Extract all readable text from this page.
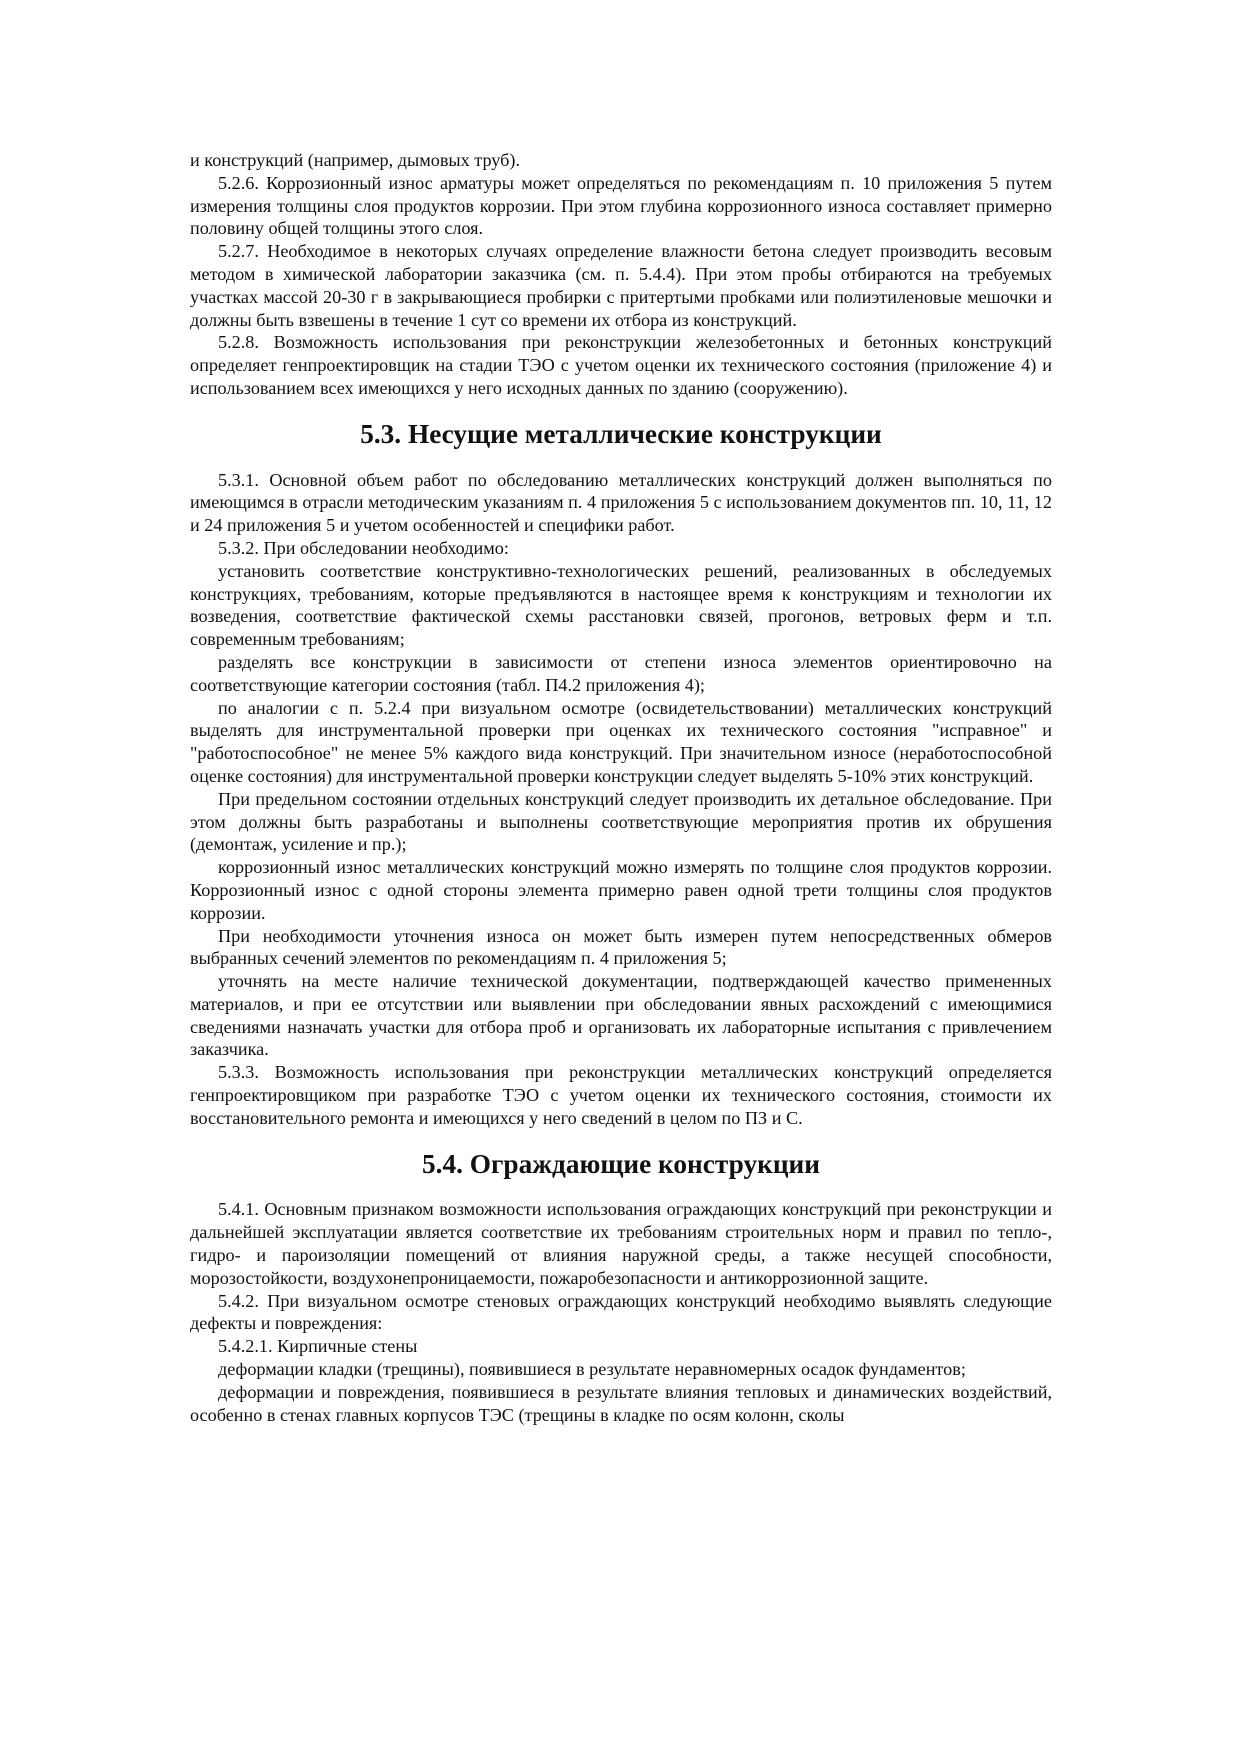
и конструкций (например, дымовых труб).

5.2.6. Коррозионный износ арматуры может определяться по рекомендациям п. 10 приложения 5 путем измерения толщины слоя продуктов коррозии. При этом глубина коррозионного износа составляет примерно половину общей толщины этого слоя.

5.2.7. Необходимое в некоторых случаях определение влажности бетона следует производить весовым методом в химической лаборатории заказчика (см. п. 5.4.4). При этом пробы отбираются на требуемых участках массой 20-30 г в закрывающиеся пробирки с притертыми пробками или полиэтиленовые мешочки и должны быть взвешены в течение 1 сут со времени их отбора из конструкций.

5.2.8. Возможность использования при реконструкции железобетонных и бетонных конструкций определяет генпроектировщик на стадии ТЭО с учетом оценки их технического состояния (приложение 4) и использованием всех имеющихся у него исходных данных по зданию (сооружению).

5.3. Несущие металлические конструкции

5.3.1. Основной объем работ по обследованию металлических конструкций должен выполняться по имеющимся в отрасли методическим указаниям п. 4 приложения 5 с использованием документов пп. 10, 11, 12 и 24 приложения 5 и учетом особенностей и специфики работ.

5.3.2. При обследовании необходимо:

установить соответствие конструктивно-технологических решений, реализованных в обследуемых конструкциях, требованиям, которые предъявляются в настоящее время к конструкциям и технологии их возведения, соответствие фактической схемы расстановки связей, прогонов, ветровых ферм и т.п. современным требованиям;

разделять все конструкции в зависимости от степени износа элементов ориентировочно на соответствующие категории состояния (табл. П4.2 приложения 4);

по аналогии с п. 5.2.4 при визуальном осмотре (освидетельствовании) металлических конструкций выделять для инструментальной проверки при оценках их технического состояния "исправное" и "работоспособное" не менее 5% каждого вида конструкций. При значительном износе (неработоспособной оценке состояния) для инструментальной проверки конструкции следует выделять 5-10% этих конструкций.

При предельном состоянии отдельных конструкций следует производить их детальное обследование. При этом должны быть разработаны и выполнены соответствующие мероприятия против их обрушения (демонтаж, усиление и пр.);

коррозионный износ металлических конструкций можно измерять по толщине слоя продуктов коррозии. Коррозионный износ с одной стороны элемента примерно равен одной трети толщины слоя продуктов коррозии.

При необходимости уточнения износа он может быть измерен путем непосредственных обмеров выбранных сечений элементов по рекомендациям п. 4 приложения 5;

уточнять на месте наличие технической документации, подтверждающей качество примененных материалов, и при ее отсутствии или выявлении при обследовании явных расхождений с имеющимися сведениями назначать участки для отбора проб и организовать их лабораторные испытания с привлечением заказчика.

5.3.3. Возможность использования при реконструкции металлических конструкций определяется генпроектировщиком при разработке ТЭО с учетом оценки их технического состояния, стоимости их восстановительного ремонта и имеющихся у него сведений в целом по ПЗ и С.

5.4. Ограждающие конструкции

5.4.1. Основным признаком возможности использования ограждающих конструкций при реконструкции и дальнейшей эксплуатации является соответствие их требованиям строительных норм и правил по тепло-, гидро- и пароизоляции помещений от влияния наружной среды, а также несущей способности, морозостойкости, воздухонепроницаемости, пожаробезопасности и антикоррозионной защите.

5.4.2. При визуальном осмотре стеновых ограждающих конструкций необходимо выявлять следующие дефекты и повреждения:

5.4.2.1. Кирпичные стены

деформации кладки (трещины), появившиеся в результате неравномерных осадок фундаментов;

деформации и повреждения, появившиеся в результате влияния тепловых и динамических воздействий, особенно в стенах главных корпусов ТЭС (трещины в кладке по осям колонн, сколы
